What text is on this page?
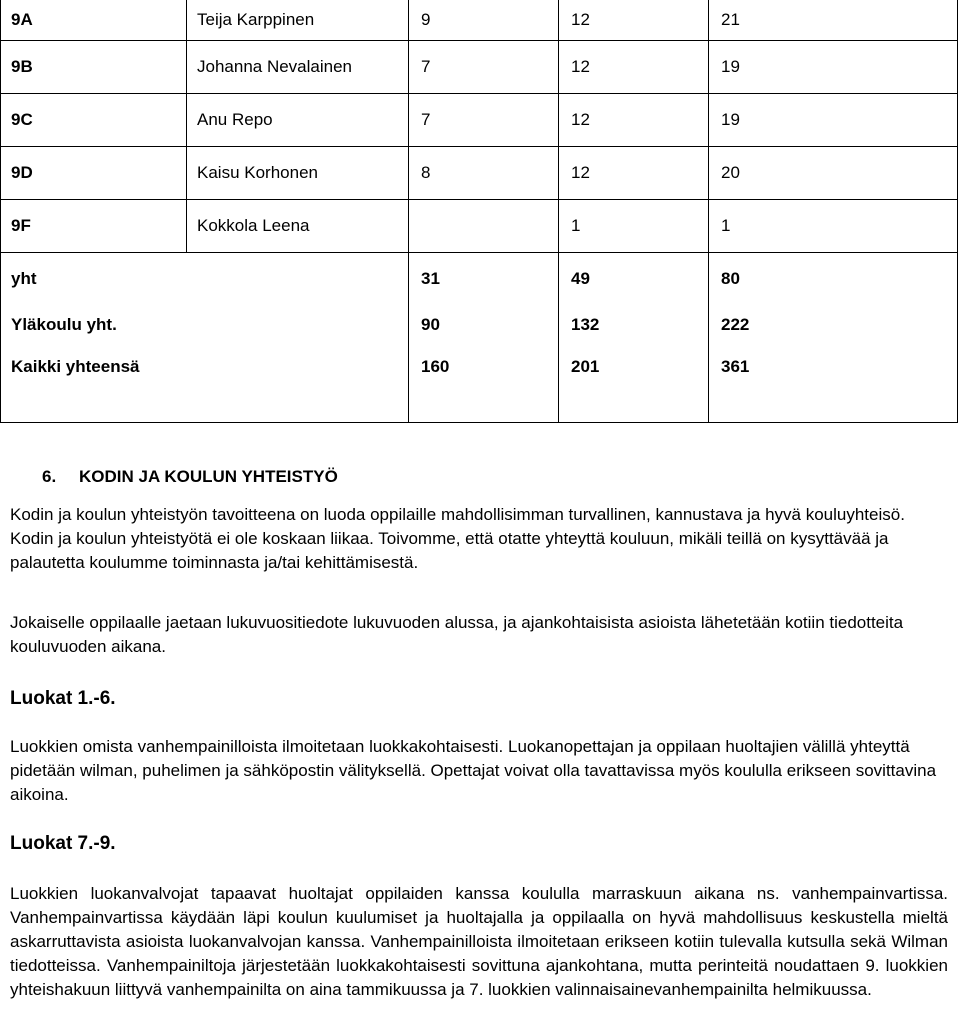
9A	Teija Karppinen	9	12	21
9B	Johanna Nevalainen	7	12	19
9C	Anu Repo	7	12	19
9D	Kaisu Korhonen	8	12	20
9F	Kokkola Leena		1	1
yht		31	49	80
Yläkoulu yht.		90	132	222
Kaikki yhteensä		160	201	361
6. KODIN JA KOULUN YHTEISTYÖ

Kodin ja koulun yhteistyön tavoitteena on luoda oppilaille mahdollisimman turvallinen, kannustava ja hyvä kouluyhteisö. Kodin ja koulun yhteistyötä ei ole koskaan liikaa. Toivomme, että otatte yhteyttä kouluun, mikäli teillä on kysyttävää ja palautetta koulumme toiminnasta ja/tai kehittämisestä.

Jokaiselle oppilaalle jaetaan lukuvuositiedote lukuvuoden alussa, ja ajankohtaisista asioista lähetetään kotiin tiedotteita kouluvuoden aikana.

Luokat 1.-6.

Luokkien omista vanhempainilloista ilmoitetaan luokkakohtaisesti. Luokanopettajan ja oppilaan huoltajien välillä yhteyttä pidetään wilman, puhelimen ja sähköpostin välityksellä. Opettajat voivat olla tavattavissa myös koululla erikseen sovittavina aikoina.

Luokat 7.-9.

Luokkien luokanvalvojat tapaavat huoltajat oppilaiden kanssa koululla marraskuun aikana ns. vanhempainvartissa. Vanhempainvartissa käydään läpi koulun kuulumiset ja huoltajalla ja oppilaalla on hyvä mahdollisuus keskustella mieltä askarruttavista asioista luokanvalvojan kanssa. Vanhempainilloista ilmoitetaan erikseen kotiin tulevalla kutsulla sekä Wilman tiedotteissa. Vanhempainiltoja järjestetään luokkakohtaisesti sovittuna ajankohtana, mutta perinteitä noudattaen 9. luokkien yhteishakuun liittyvä vanhempainilta on aina tammikuussa ja 7. luokkien valinnaisainevanhempainilta helmikuussa.
